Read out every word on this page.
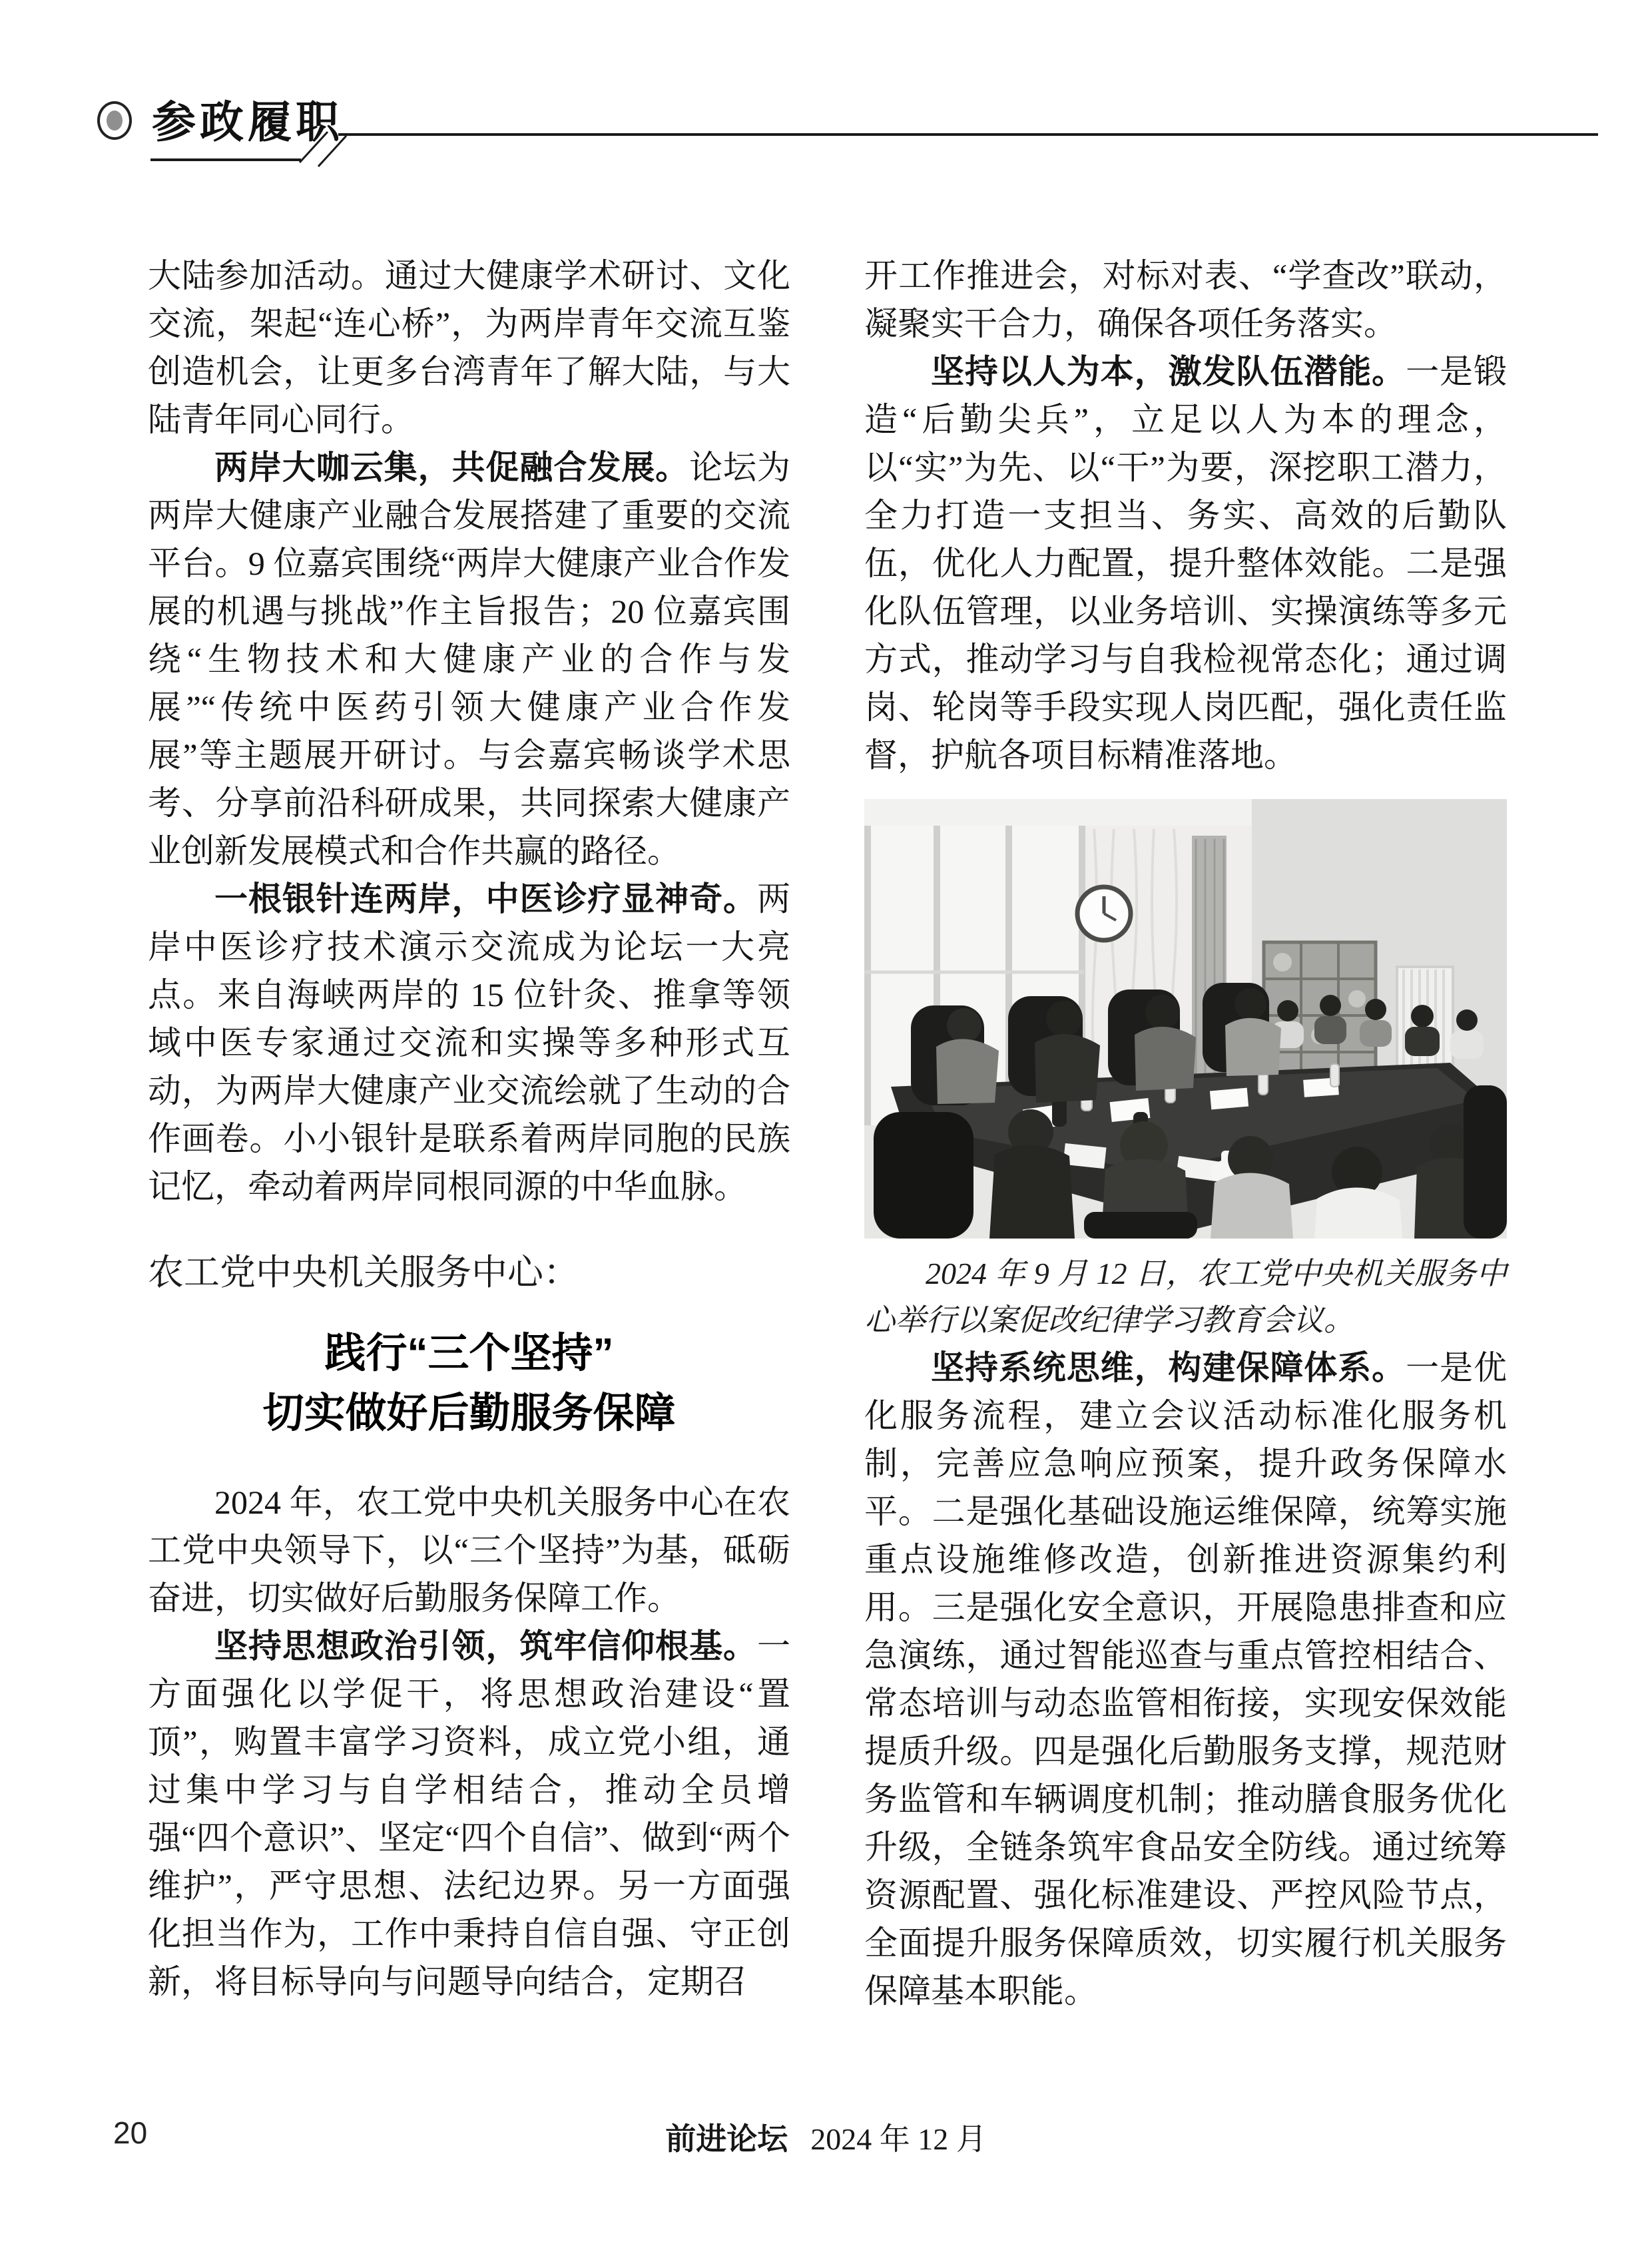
参政履职

大陆参加活动。通过大健康学术研讨、文化交流，架起“连心桥”，为两岸青年交流互鉴创造机会，让更多台湾青年了解大陆，与大陆青年同心同行。

两岸大咖云集，共促融合发展。论坛为两岸大健康产业融合发展搭建了重要的交流平台。9 位嘉宾围绕“两岸大健康产业合作发展的机遇与挑战”作主旨报告；20 位嘉宾围绕“生物技术和大健康产业的合作与发展”“传统中医药引领大健康产业合作发展”等主题展开研讨。与会嘉宾畅谈学术思考、分享前沿科研成果，共同探索大健康产业创新发展模式和合作共赢的路径。

一根银针连两岸，中医诊疗显神奇。两岸中医诊疗技术演示交流成为论坛一大亮点。来自海峡两岸的 15 位针灸、推拿等领域中医专家通过交流和实操等多种形式互动，为两岸大健康产业交流绘就了生动的合作画卷。小小银针是联系着两岸同胞的民族记忆，牵动着两岸同根同源的中华血脉。

农工党中央机关服务中心：
践行“三个坚持”
切实做好后勤服务保障

2024 年，农工党中央机关服务中心在农工党中央领导下，以“三个坚持”为基，砥砺奋进，切实做好后勤服务保障工作。

坚持思想政治引领，筑牢信仰根基。一方面强化以学促干，将思想政治建设“置顶”，购置丰富学习资料，成立党小组，通过集中学习与自学相结合，推动全员增强“四个意识”、坚定“四个自信”、做到“两个维护”，严守思想、法纪边界。另一方面强化担当作为，工作中秉持自信自强、守正创新，将目标导向与问题导向结合，定期召

开工作推进会，对标对表、“学查改”联动，凝聚实干合力，确保各项任务落实。

坚持以人为本，激发队伍潜能。一是锻造“后勤尖兵”，立足以人为本的理念，以“实”为先、以“干”为要，深挖职工潜力，全力打造一支担当、务实、高效的后勤队伍，优化人力配置，提升整体效能。二是强化队伍管理，以业务培训、实操演练等多元方式，推动学习与自我检视常态化；通过调岗、轮岗等手段实现人岗匹配，强化责任监督，护航各项目标精准落地。

2024 年 9 月 12 日，农工党中央机关服务中心举行以案促改纪律学习教育会议。

坚持系统思维，构建保障体系。一是优化服务流程，建立会议活动标准化服务机制，完善应急响应预案，提升政务保障水平。二是强化基础设施运维保障，统筹实施重点设施维修改造，创新推进资源集约利用。三是强化安全意识，开展隐患排查和应急演练，通过智能巡查与重点管控相结合、常态培训与动态监管相衔接，实现安保效能提质升级。四是强化后勤服务支撑，规范财务监管和车辆调度机制；推动膳食服务优化升级，全链条筑牢食品安全防线。通过统筹资源配置、强化标准建设、严控风险节点，全面提升服务保障质效，切实履行机关服务保障基本职能。

20	前进论坛 2024 年 12 月
